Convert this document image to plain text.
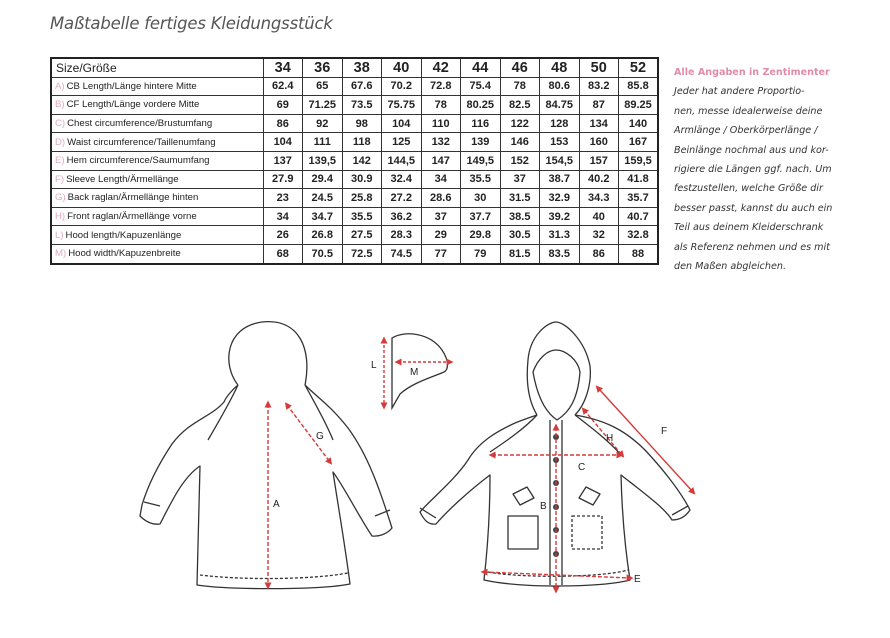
Maßtabelle fertiges Kleidungsstück
Size/Größe	34	36	38	40	42	44	46	48	50	52
A) CB Length/Länge hintere Mitte	62.4	65	67.6	70.2	72.8	75.4	78	80.6	83.2	85.8
B) CF Length/Länge vordere Mitte	69	71.25	73.5	75.75	78	80.25	82.5	84.75	87	89.25
C) Chest circumference/Brustumfang	86	92	98	104	110	116	122	128	134	140
D) Waist circumference/Taillenumfang	104	111	118	125	132	139	146	153	160	167
E) Hem circumference/Saumumfang	137	139,5	142	144,5	147	149,5	152	154,5	157	159,5
F) Sleeve Length/Ärmellänge	27.9	29.4	30.9	32.4	34	35.5	37	38.7	40.2	41.8
G) Back raglan/Ärmellänge hinten	23	24.5	25.8	27.2	28.6	30	31.5	32.9	34.3	35.7
H) Front raglan/Ärmellänge vorne	34	34.7	35.5	36.2	37	37.7	38.5	39.2	40	40.7
L) Hood length/Kapuzenlänge	26	26.8	27.5	28.3	29	29.8	30.5	31.3	32	32.8
M) Hood width/Kapuzenbreite	68	70.5	72.5	74.5	77	79	81.5	83.5	86	88
Alle Angaben in Zentimenter
Jeder hat andere Proportio-
nen, messe idealerweise deine
Armlänge / Oberkörperlänge /
Beinlänge nochmal aus und kor-
rigiere die Längen ggf. nach. Um
festzustellen, welche Größe dir
besser passt, kannst du auch ein
Teil aus deinem Kleiderschrank
als Referenz nehmen und es mit
den Maßen abgleichen.
A
G
L
M
B
C
H
E
F
